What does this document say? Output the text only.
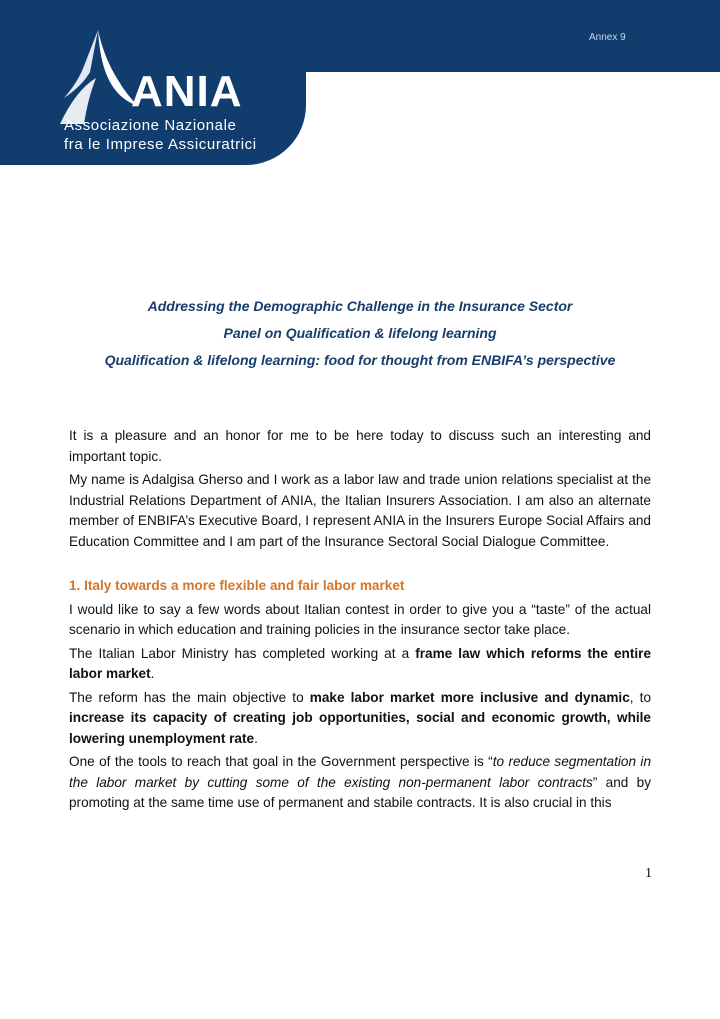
Annex 9
ANIA
Associazione Nazionale
fra le Imprese Assicuratrici
Addressing the Demographic Challenge in the Insurance Sector
Panel on Qualification & lifelong learning
Qualification & lifelong learning: food for thought from ENBIFA’s perspective

It is a pleasure and an honor for me to be here today to discuss such an interesting and important topic.

My name is Adalgisa Gherso and I work as a labor law and trade union relations specialist at the Industrial Relations Department of ANIA, the Italian Insurers Association. I am also an alternate member of ENBIFA’s Executive Board, I represent ANIA in the Insurers Europe Social Affairs and Education Committee and I am part of the Insurance Sectoral Social Dialogue Committee.

1. Italy towards a more flexible and fair labor market

I would like to say a few words about Italian contest in order to give you a “taste” of the actual scenario in which education and training policies in the insurance sector take place.

The Italian Labor Ministry has completed working at a frame law which reforms the entire labor market.

The reform has the main objective to make labor market more inclusive and dynamic, to increase its capacity of creating job opportunities, social and economic growth, while lowering unemployment rate.

One of the tools to reach that goal in the Government perspective is “to reduce segmentation in the labor market by cutting some of the existing non-permanent labor contracts” and by promoting at the same time use of permanent and stabile contracts. It is also crucial in this

1
